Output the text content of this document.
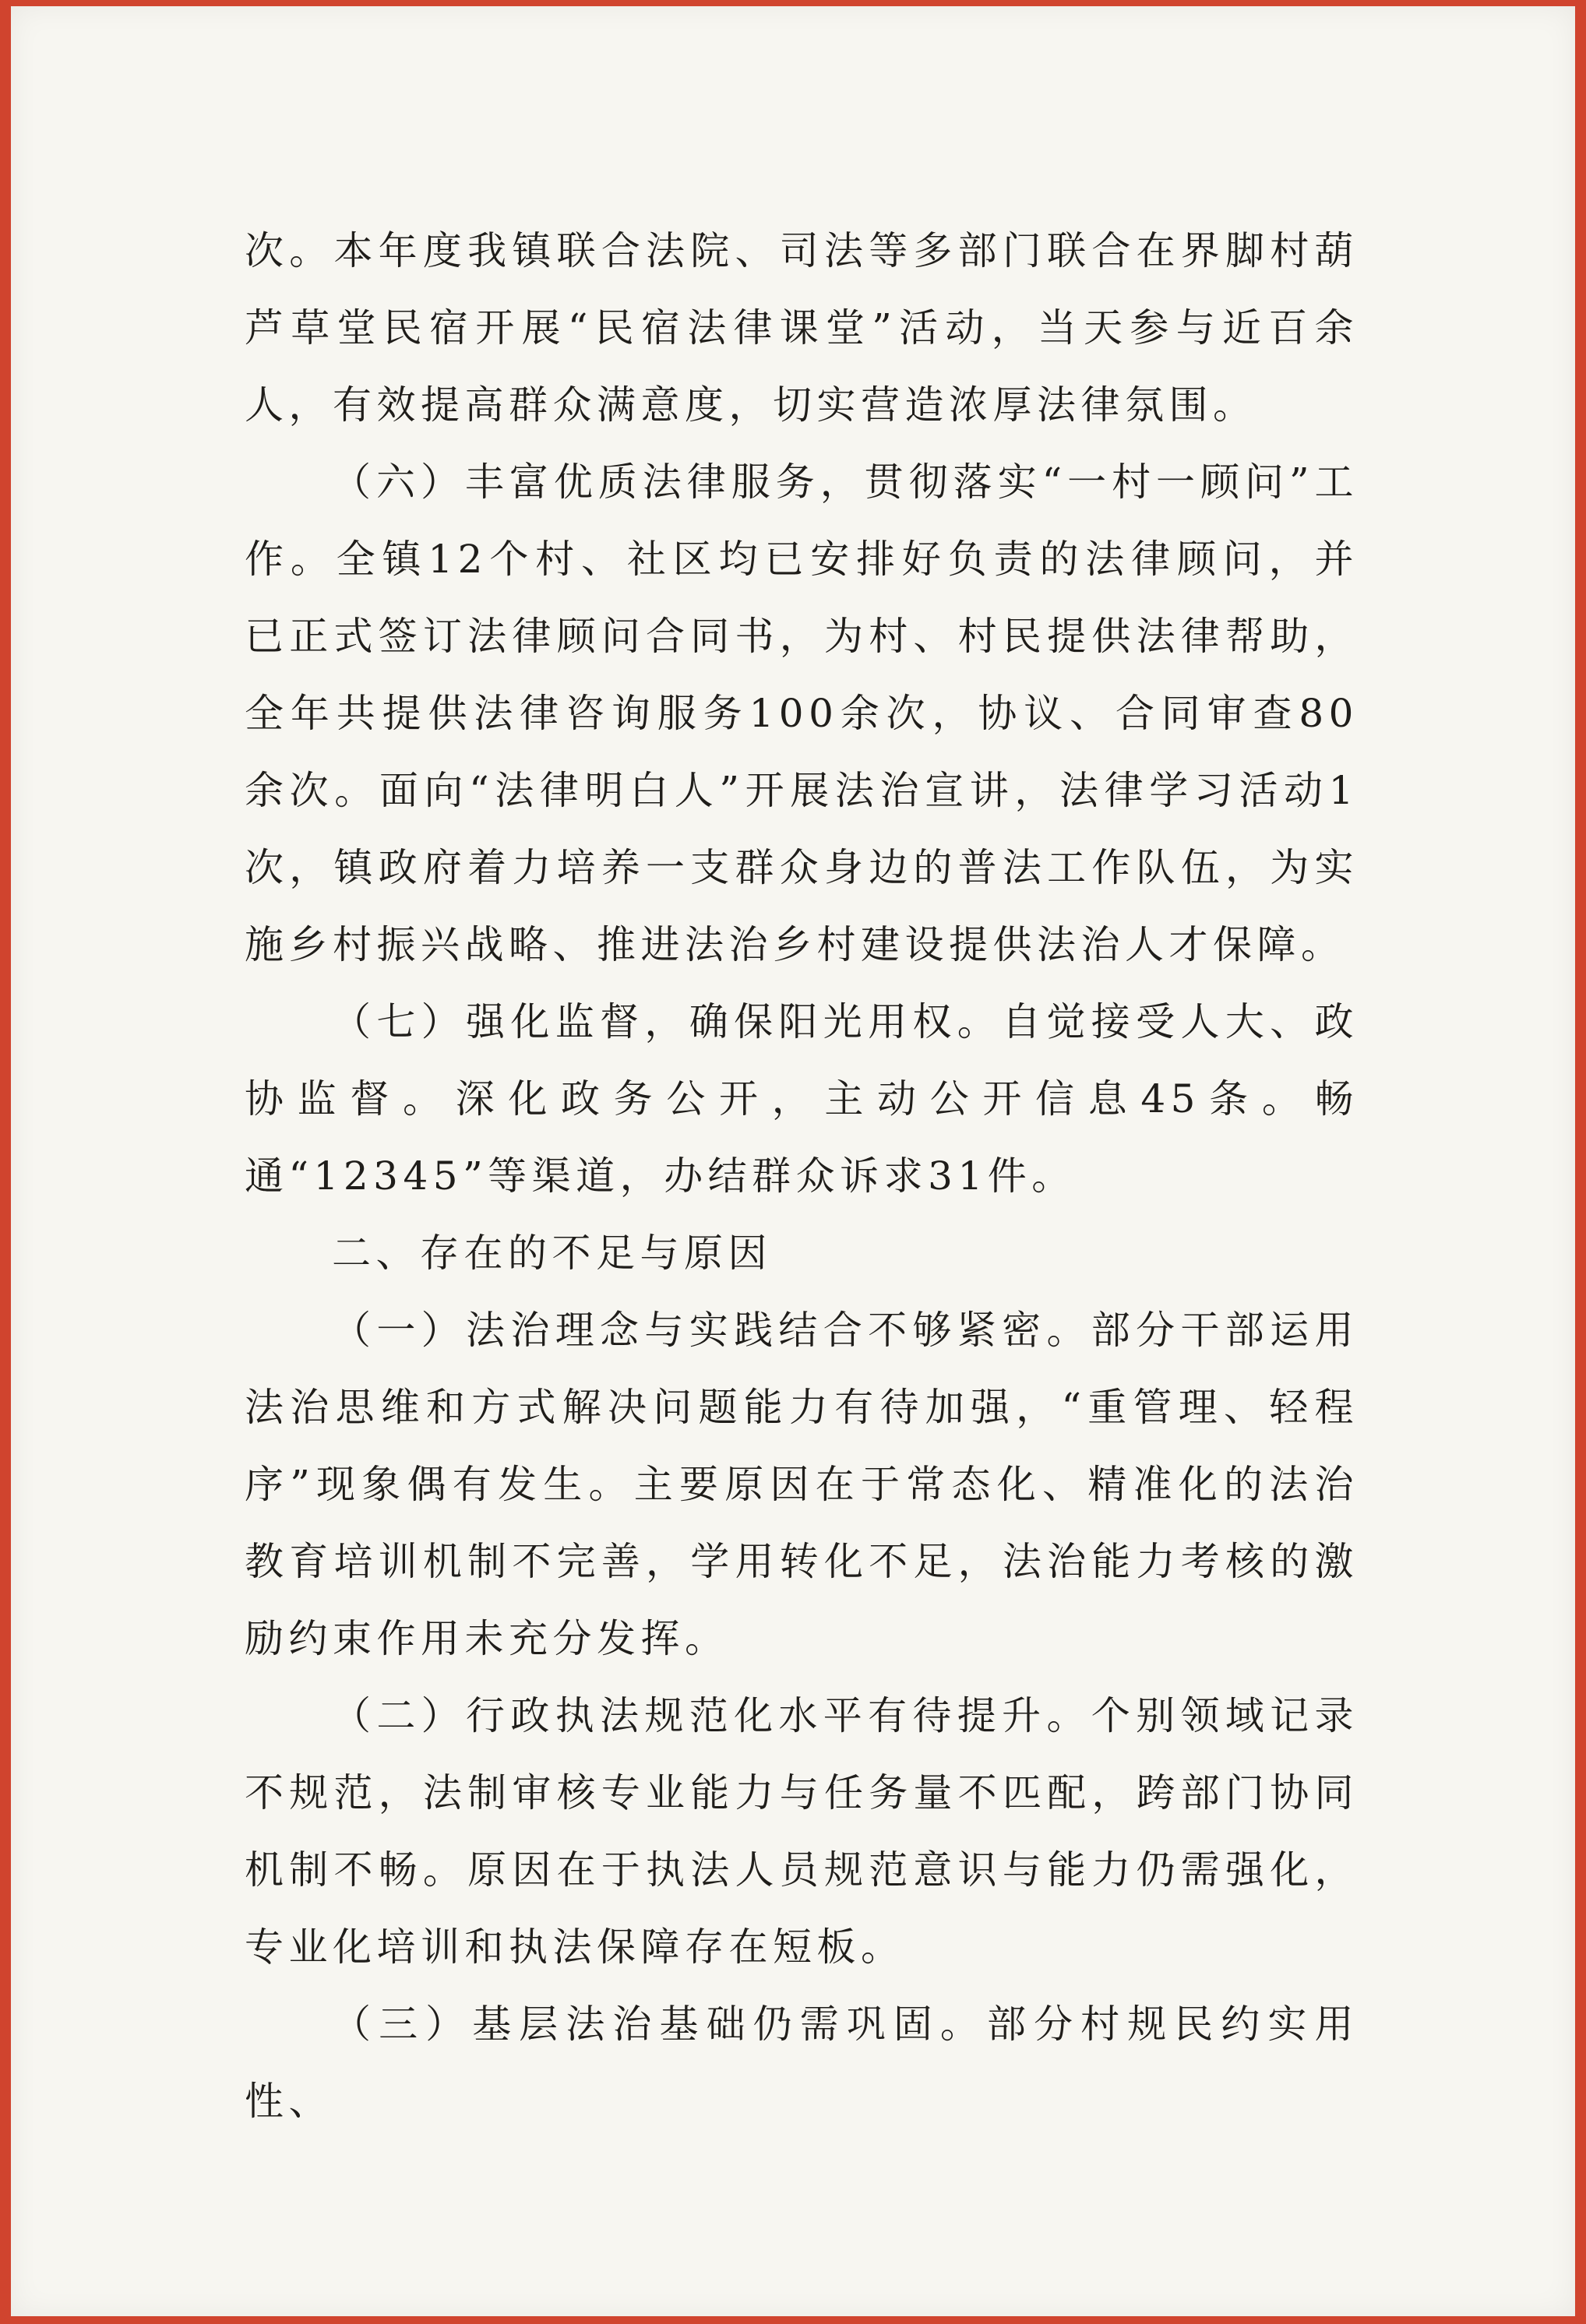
次。本年度我镇联合法院、司法等多部门联合在界脚村葫芦草堂民宿开展“民宿法律课堂”活动，当天参与近百余人，有效提高群众满意度，切实营造浓厚法律氛围。

（六）丰富优质法律服务，贯彻落实“一村一顾问”工作。全镇12个村、社区均已安排好负责的法律顾问，并已正式签订法律顾问合同书，为村、村民提供法律帮助，全年共提供法律咨询服务100余次，协议、合同审查80余次。面向“法律明白人”开展法治宣讲，法律学习活动1次，镇政府着力培养一支群众身边的普法工作队伍，为实施乡村振兴战略、推进法治乡村建设提供法治人才保障。

（七）强化监督，确保阳光用权。自觉接受人大、政协监督。深化政务公开，主动公开信息45条。畅通“12345”等渠道，办结群众诉求31件。

二、存在的不足与原因

（一）法治理念与实践结合不够紧密。部分干部运用法治思维和方式解决问题能力有待加强，“重管理、轻程序”现象偶有发生。主要原因在于常态化、精准化的法治教育培训机制不完善，学用转化不足，法治能力考核的激励约束作用未充分发挥。

（二）行政执法规范化水平有待提升。个别领域记录不规范，法制审核专业能力与任务量不匹配，跨部门协同机制不畅。原因在于执法人员规范意识与能力仍需强化，专业化培训和执法保障存在短板。

（三）基层法治基础仍需巩固。部分村规民约实用性、
